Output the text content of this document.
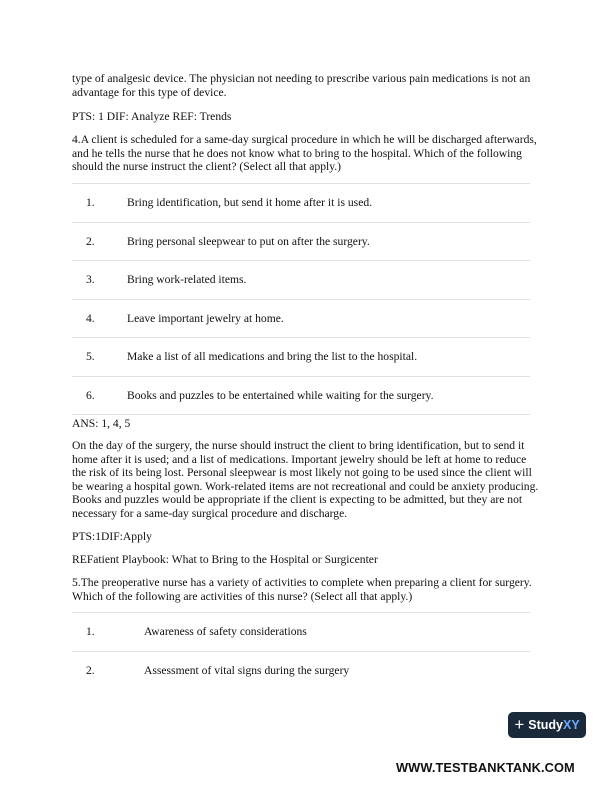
type of analgesic device. The physician not needing to prescribe various pain medications is not an advantage for this type of device.

PTS: 1 DIF: Analyze REF: Trends

4.A client is scheduled for a same-day surgical procedure in which he will be discharged afterwards, and he tells the nurse that he does not know what to bring to the hospital. Which of the following should the nurse instruct the client? (Select all that apply.)

1.	Bring identification, but send it home after it is used.
2.	Bring personal sleepwear to put on after the surgery.
3.	Bring work-related items.
4.	Leave important jewelry at home.
5.	Make a list of all medications and bring the list to the hospital.
6.	Books and puzzles to be entertained while waiting for the surgery.

ANS: 1, 4, 5

On the day of the surgery, the nurse should instruct the client to bring identification, but to send it home after it is used; and a list of medications. Important jewelry should be left at home to reduce the risk of its being lost. Personal sleepwear is most likely not going to be used since the client will be wearing a hospital gown. Work-related items are not recreational and could be anxiety producing. Books and puzzles would be appropriate if the client is expecting to be admitted, but they are not necessary for a same-day surgical procedure and discharge.

PTS:1DIF:Apply

REFatient Playbook: What to Bring to the Hospital or Surgicenter

5.The preoperative nurse has a variety of activities to complete when preparing a client for surgery. Which of the following are activities of this nurse? (Select all that apply.)

1.	Awareness of safety considerations
2.	Assessment of vital signs during the surgery
+ StudyXY
WWW.TESTBANKTANK.COM
